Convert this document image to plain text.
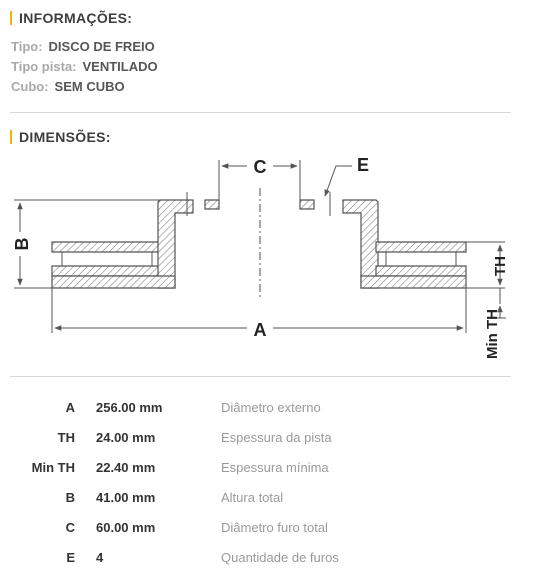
INFORMAÇÕES:
Tipo: DISCO DE FREIO
Tipo pista: VENTILADO
Cubo: SEM CUBO
DIMENSÕES:
C	E
B
A
TH
Min TH
A 256.00 mm	Diâmetro externo
TH 24.00 mm	Espessura da pista
Min TH 22.40 mm	Espessura mínima
B 41.00 mm	Altura total
C 60.00 mm	Diâmetro furo total
E 4	Quantidade de furos
